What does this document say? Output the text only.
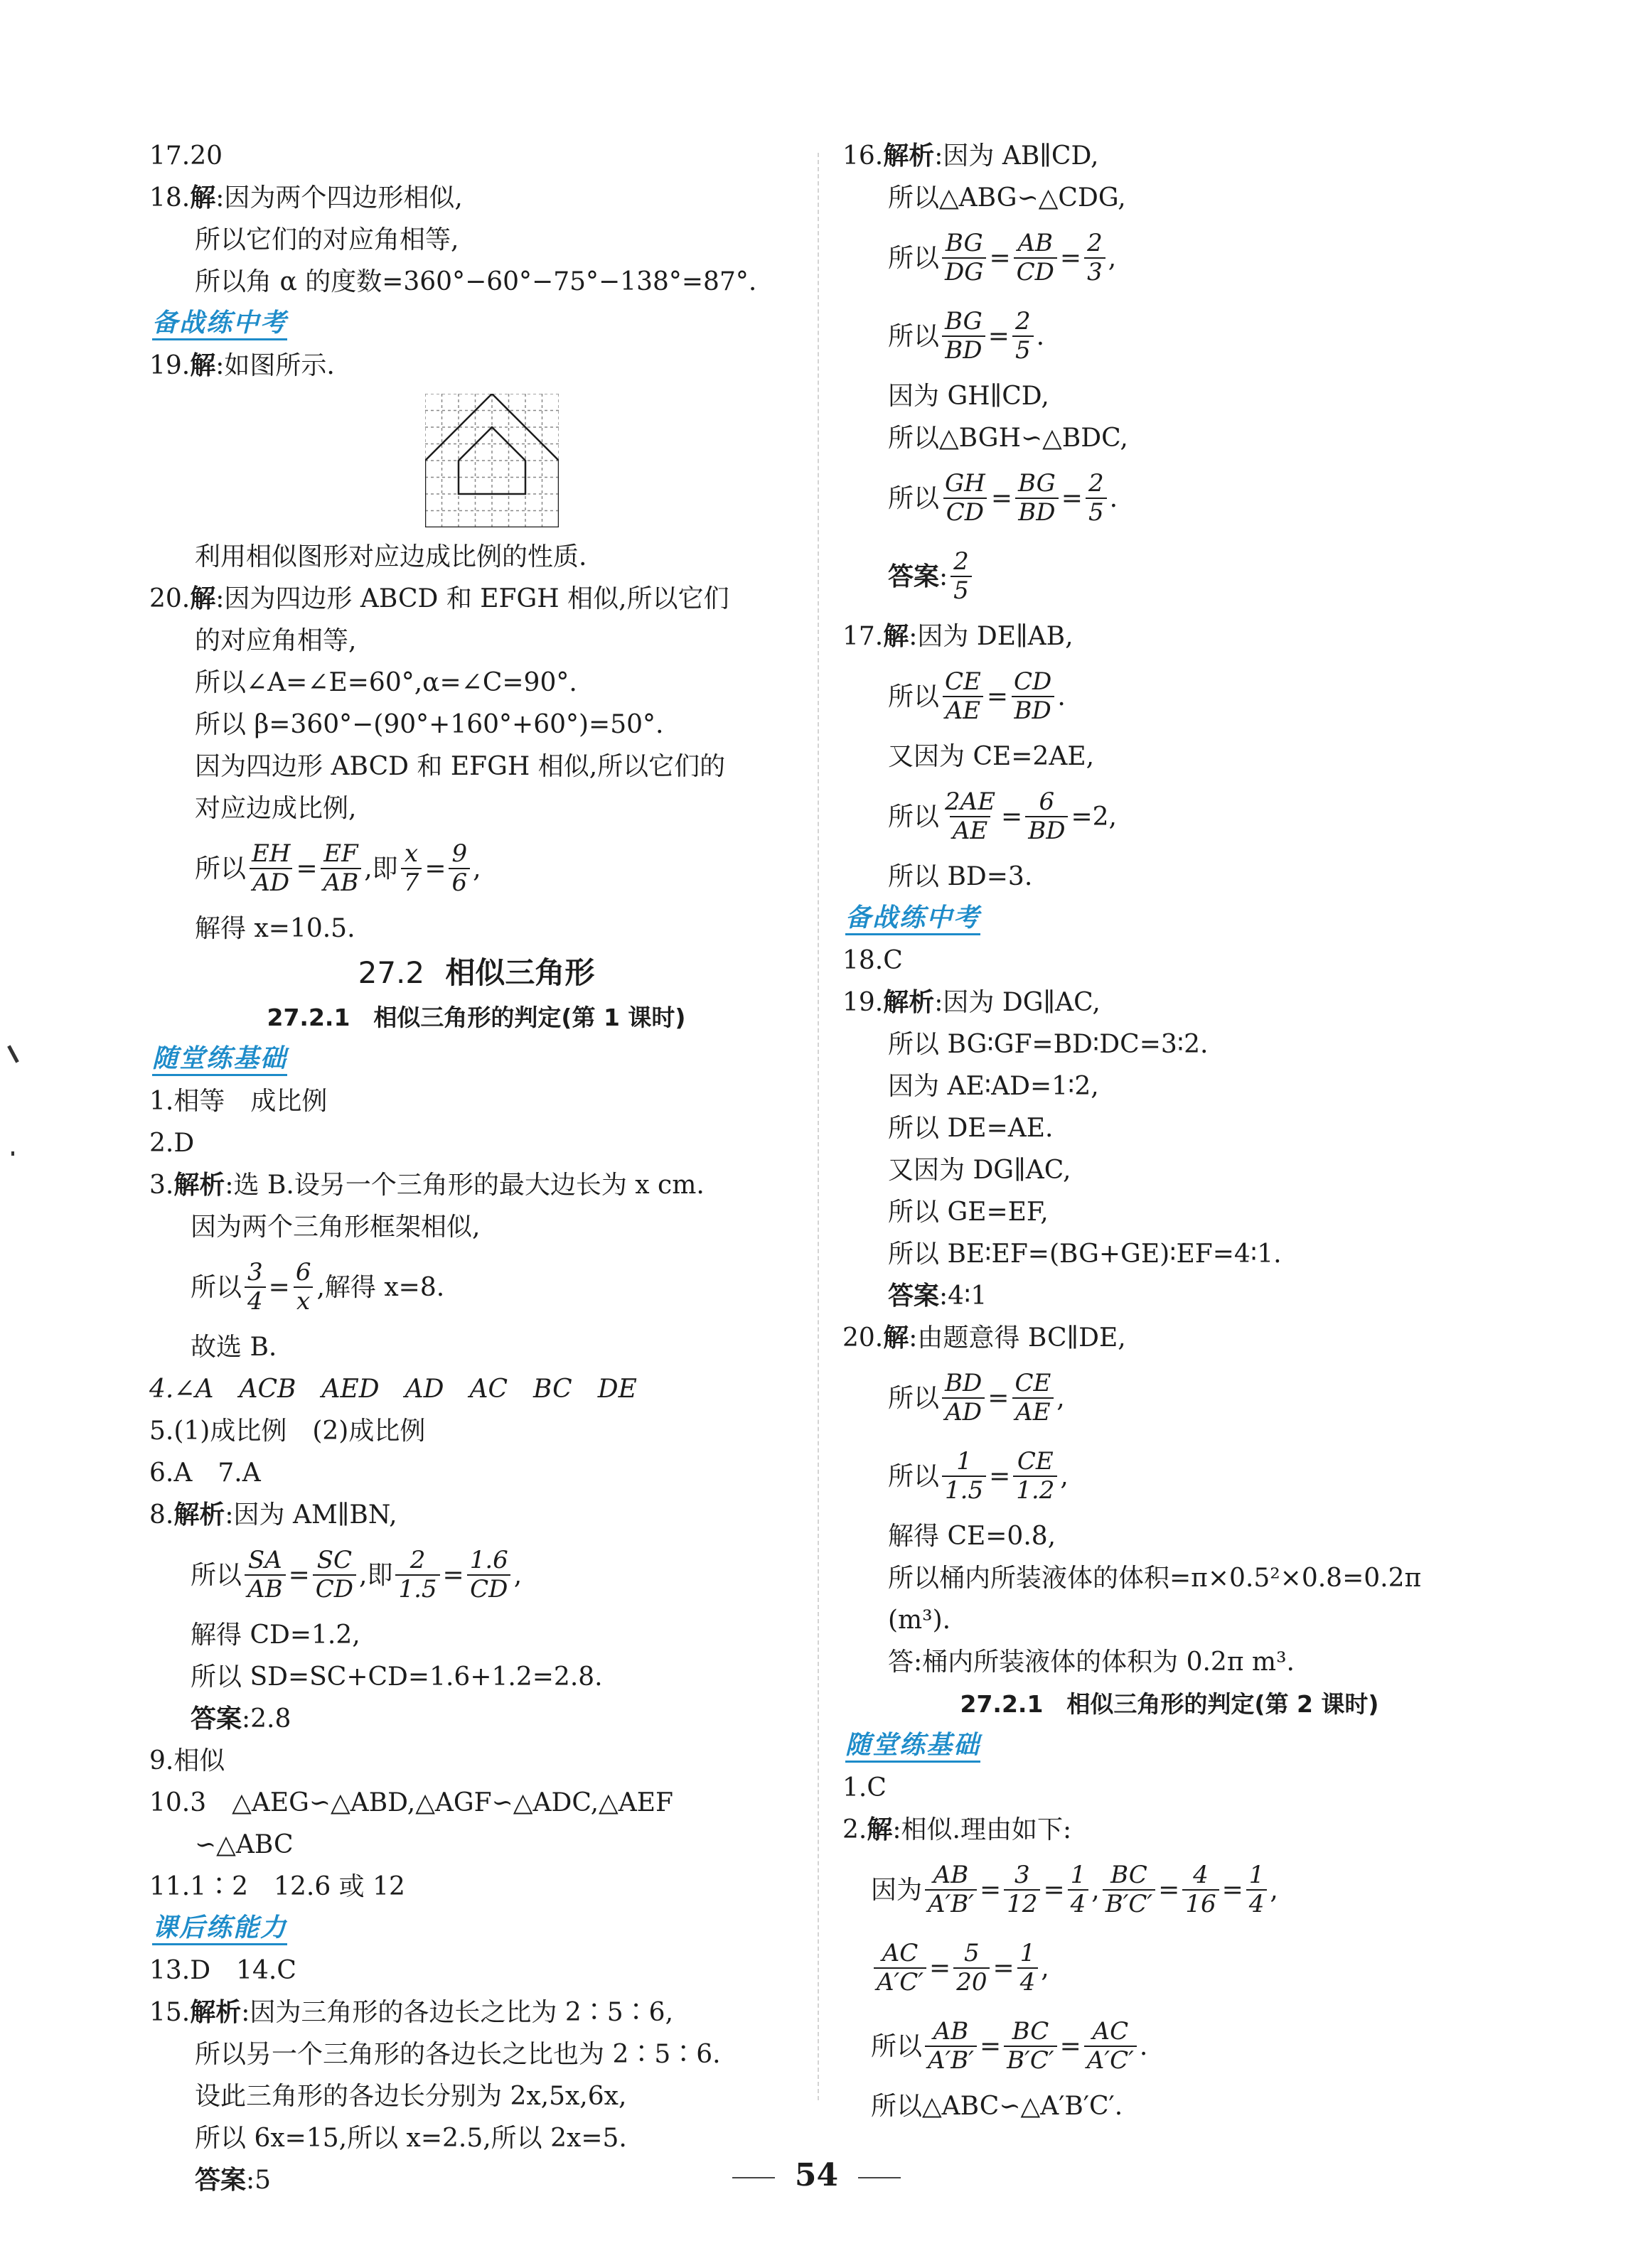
17.20
18.解:因为两个四边形相似,
所以它们的对应角相等,
所以角 α 的度数=360°−60°−75°−138°=87°.
备战练中考
19.解:如图所示.
利用相似图形对应边成比例的性质.
20.解:因为四边形 ABCD 和 EFGH 相似,所以它们
的对应角相等,
所以∠A=∠E=60°,α=∠C=90°.
所以 β=360°−(90°+160°+60°)=50°.
因为四边形 ABCD 和 EFGH 相似,所以它们的
对应边成比例,
所以 $\frac{EH}{AD} = \frac{EF}{AB}$ ,即 $\frac{x}{7} = \frac{9}{6}$ ,
解得 x=10.5.
27.2 相似三角形
27.2.1　相似三角形的判定(第 1 课时)
随堂练基础
1.相等　成比例
2.D
3.解析:选 B.设另一个三角形的最大边长为 x cm.
因为两个三角形框架相似,
所以 $\frac{3}{4} = \frac{6}{x}$ ,解得 x=8.
故选 B.
4.∠A　ACB　AED　AD　AC　BC　DE
5.(1)成比例　(2)成比例
6.A　7.A
8.解析:因为 AM∥BN,
所以 $\frac{SA}{AB} = \frac{SC}{CD}$ ,即 $\frac{2}{1.5} = \frac{1.6}{CD}$ ,
解得 CD=1.2,
所以 SD=SC+CD=1.6+1.2=2.8.
答案:2.8
9.相似
10.3　△AEG∽△ABD,△AGF∽△ADC,△AEF
∽△ABC
11.1∶2　12.6 或 12
课后练能力
13.D　14.C
15.解析:因为三角形的各边长之比为 2∶5∶6,
所以另一个三角形的各边长之比也为 2∶5∶6.
设此三角形的各边长分别为 2x,5x,6x,
所以 6x=15,所以 x=2.5,所以 2x=5.
答案:5
16.解析:因为 AB∥CD,
所以△ABG∽△CDG,
所以 $\frac{BG}{DG} = \frac{AB}{CD} = \frac{2}{3}$ ,
所以 $\frac{BG}{BD} = \frac{2}{5}$ .
因为 GH∥CD,
所以△BGH∽△BDC,
所以 $\frac{GH}{CD} = \frac{BG}{BD} = \frac{2}{5}$ .
答案 : $\frac{2}{5}$
17.解:因为 DE∥AB,
所以 $\frac{CE}{AE} = \frac{CD}{BD}$ .
又因为 CE=2AE,
所以 $\frac{2AE}{AE} = \frac{6}{BD} =2$,
所以 BD=3.
备战练中考
18.C
19.解析:因为 DG∥AC,
所以 BG∶GF=BD∶DC=3∶2.
因为 AE∶AD=1∶2,
所以 DE=AE.
又因为 DG∥AC,
所以 GE=EF,
所以 BE∶EF=(BG+GE)∶EF=4∶1.
答案:4∶1
20.解:由题意得 BC∥DE,
所以 $\frac{BD}{AD} = \frac{CE}{AE}$ ,
所以 $\frac{1}{1.5} = \frac{CE}{1.2}$ ,
解得 CE=0.8,
所以桶内所装液体的体积=π×0.5²×0.8=0.2π
(m³).
答:桶内所装液体的体积为 0.2π m³.
27.2.1　相似三角形的判定(第 2 课时)
随堂练基础
1.C
2.解:相似.理由如下:
因为 $\frac{AB}{A'B'} = \frac{3}{12} = \frac{1}{4}$ , $\frac{BC}{B'C'} = \frac{4}{16} = \frac{1}{4}$ ,
$\frac{AC}{A'C'} = \frac{5}{20} = \frac{1}{4}$ ,
所以 $\frac{AB}{A'B'} = \frac{BC}{B'C'} = \frac{AC}{A'C'}$ .
所以△ABC∽△A′B′C′.
54
